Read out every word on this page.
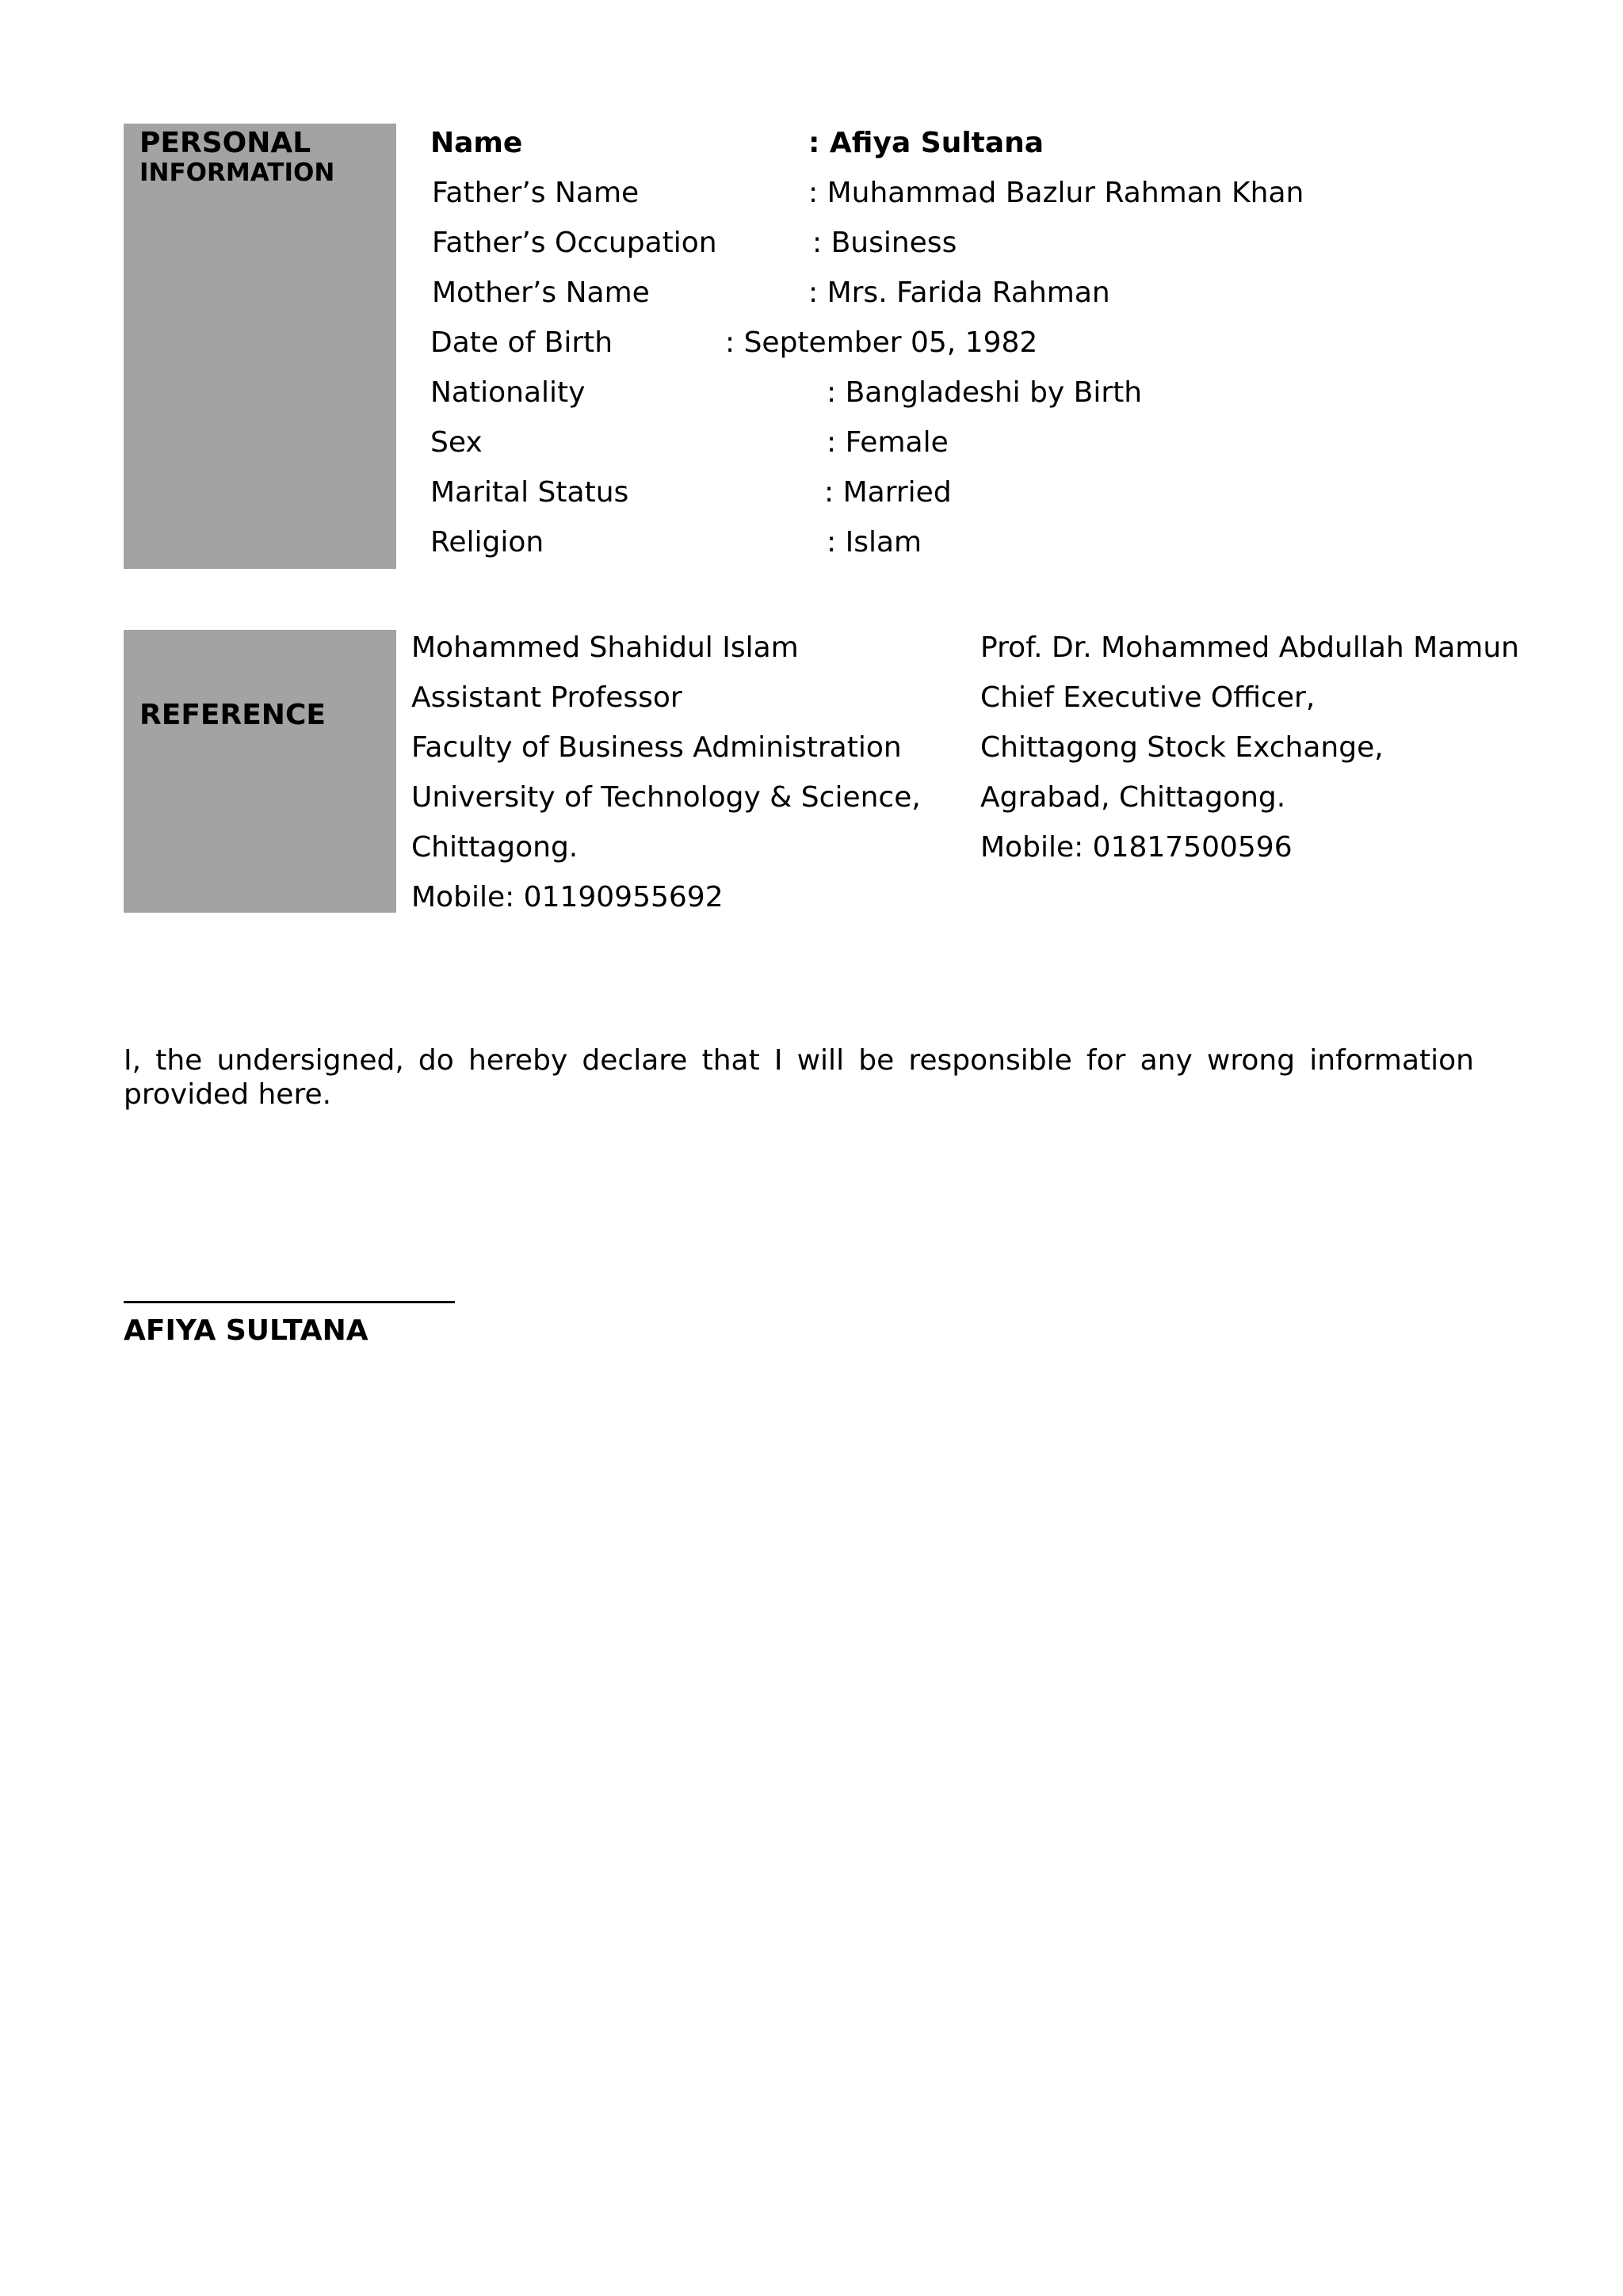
PERSONAL
INFORMATION
Name	: Afiya Sultana
Father’s Name	: Muhammad Bazlur Rahman Khan
Father’s Occupation	: Business
Mother’s Name	: Mrs. Farida Rahman
Date of Birth	: September 05, 1982
Nationality	: Bangladeshi by Birth
Sex	: Female
Marital Status	: Married
Religion	: Islam
REFERENCE
Mohammed Shahidul Islam
Assistant Professor
Faculty of Business Administration
University of Technology & Science,
Chittagong.
Mobile: 01190955692
Prof. Dr. Mohammed Abdullah Mamun
Chief Executive Officer,
Chittagong Stock Exchange,
Agrabad, Chittagong.
Mobile: 01817500596
I, the undersigned, do hereby declare that I will be responsible for any wrong information provided here.
AFIYA SULTANA
